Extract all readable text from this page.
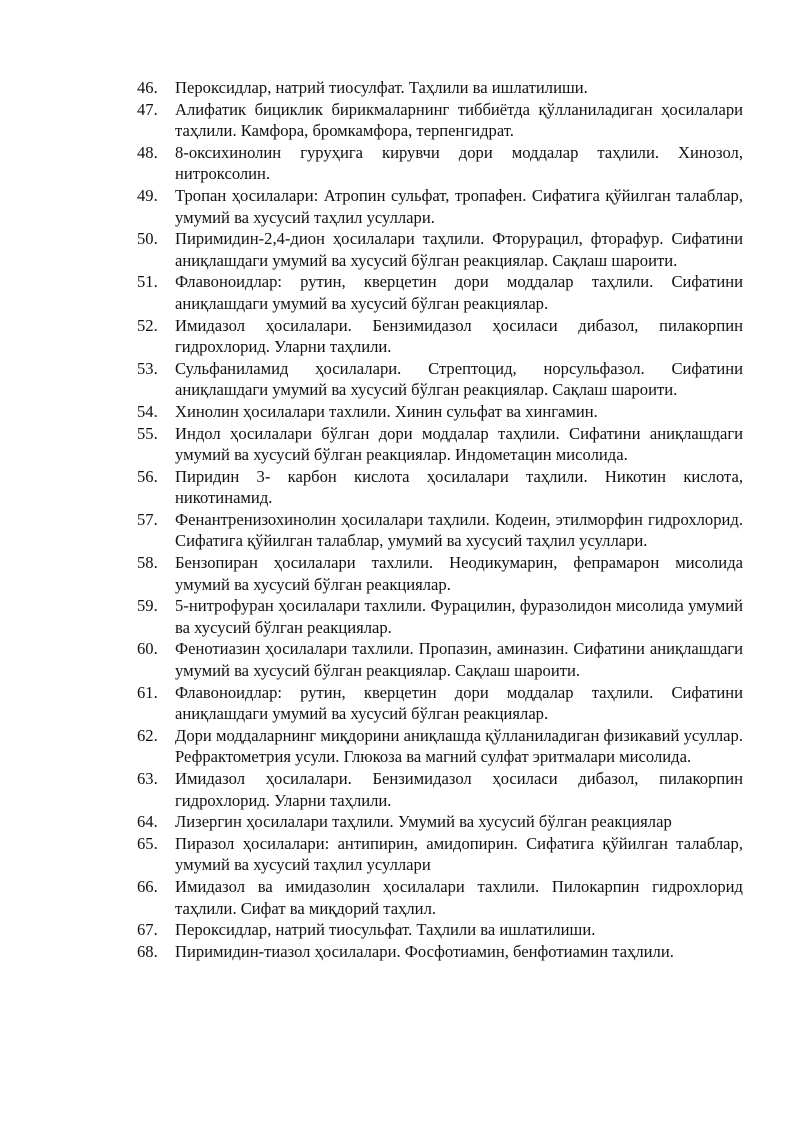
46.	Пероксидлар, натрий тиосулфат. Таҳлили ва ишлатилиши.
47.	Алифатик бициклик бирикмаларнинг тиббиётда қўлланиладиган ҳосилалари таҳлили. Камфора, бромкамфора, терпенгидрат.
48.	8-оксихинолин гуруҳига кирувчи дори моддалар таҳлили. Хинозол, нитроксолин.
49.	Тропан ҳосилалари: Атропин сульфат, тропафен. Сифатига қўйилган талаблар, умумий ва хусусий таҳлил усуллари.
50.	Пиримидин-2,4-дион ҳосилалари таҳлили. Фторурацил, фторафур. Сифатини аниқлашдаги умумий ва хусусий бўлган реакциялар. Сақлаш шароити.
51.	Флавоноидлар: рутин, кверцетин дори моддалар таҳлили. Сифатини аниқлашдаги умумий ва хусусий бўлган реакциялар.
52.	Имидазол ҳосилалари. Бензимидазол ҳосиласи дибазол, пилакорпин гидрохлорид. Уларни таҳлили.
53.	Сульфаниламид ҳосилалари. Стрептоцид, норсульфазол. Сифатини аниқлашдаги умумий ва хусусий бўлган реакциялар. Сақлаш шароити.
54.	Хинолин ҳосилалари тахлили. Хинин сульфат ва хингамин.
55.	Индол ҳосилалари бўлган дори моддалар таҳлили. Сифатини аниқлашдаги умумий ва хусусий бўлган реакциялар. Индометацин мисолида.
56.	Пиридин 3- карбон кислота ҳосилалари таҳлили. Никотин кислота, никотинамид.
57.	Фенантренизохинолин ҳосилалари таҳлили. Кодеин, этилморфин гидрохлорид. Сифатига қўйилган талаблар, умумий ва хусусий таҳлил усуллари.
58.	Бензопиран ҳосилалари тахлили. Неодикумарин, фепрамарон мисолида умумий ва хусусий бўлган реакциялар.
59.	5-нитрофуран ҳосилалари тахлили. Фурацилин, фуразолидон мисолида умумий ва хусусий бўлган реакциялар.
60.	Фенотиазин ҳосилалари тахлили. Пропазин, аминазин. Сифатини аниқлашдаги умумий ва хусусий бўлган реакциялар. Сақлаш шароити.
61.	Флавоноидлар: рутин, кверцетин дори моддалар таҳлили. Сифатини аниқлашдаги умумий ва хусусий бўлган реакциялар.
62.	Дори моддаларнинг миқдорини аниқлашда қўлланиладиган физикавий усуллар. Рефрактометрия усули. Глюкоза ва магний сулфат эритмалари мисолида.
63.	Имидазол ҳосилалари. Бензимидазол ҳосиласи дибазол, пилакорпин гидрохлорид. Уларни таҳлили.
64.	Лизергин ҳосилалари таҳлили. Умумий ва хусусий бўлган реакциялар
65.	Пиразол ҳосилалари: антипирин, амидопирин. Сифатига қўйилган талаблар, умумий ва хусусий таҳлил усуллари
66.	Имидазол ва имидазолин ҳосилалари тахлили. Пилокарпин гидрохлорид таҳлили. Сифат ва миқдорий таҳлил.
67.	Пероксидлар, натрий тиосульфат. Таҳлили ва ишлатилиши.
68.	Пиримидин-тиазол ҳосилалари. Фосфотиамин, бенфотиамин таҳлили.
